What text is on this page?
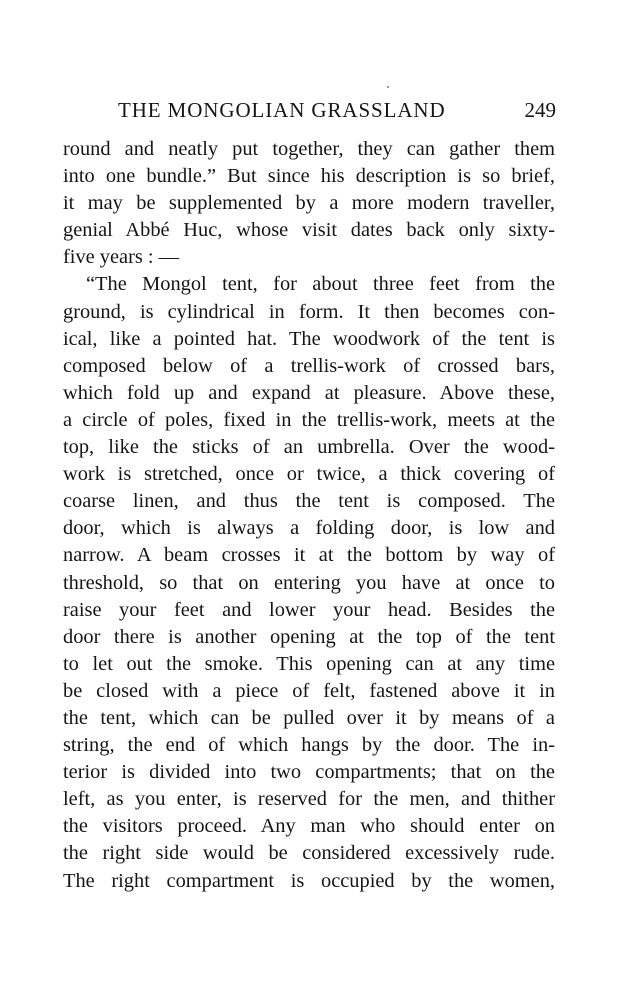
THE MONGOLIAN GRASSLAND	249
round and neatly put together, they can gather them
into one bundle.” But since his description is so brief,
it may be supplemented by a more modern traveller,
genial Abbé Huc, whose visit dates back only sixty-
five years : —
“The Mongol tent, for about three feet from the
ground, is cylindrical in form. It then becomes con-
ical, like a pointed hat. The woodwork of the tent is
composed below of a trellis-work of crossed bars,
which fold up and expand at pleasure. Above these,
a circle of poles, fixed in the trellis-work, meets at the
top, like the sticks of an umbrella. Over the wood-
work is stretched, once or twice, a thick covering of
coarse linen, and thus the tent is composed. The
door, which is always a folding door, is low and
narrow. A beam crosses it at the bottom by way of
threshold, so that on entering you have at once to
raise your feet and lower your head. Besides the
door there is another opening at the top of the tent
to let out the smoke. This opening can at any time
be closed with a piece of felt, fastened above it in
the tent, which can be pulled over it by means of a
string, the end of which hangs by the door. The in-
terior is divided into two compartments; that on the
left, as you enter, is reserved for the men, and thither
the visitors proceed. Any man who should enter on
the right side would be considered excessively rude.
The right compartment is occupied by the women,
